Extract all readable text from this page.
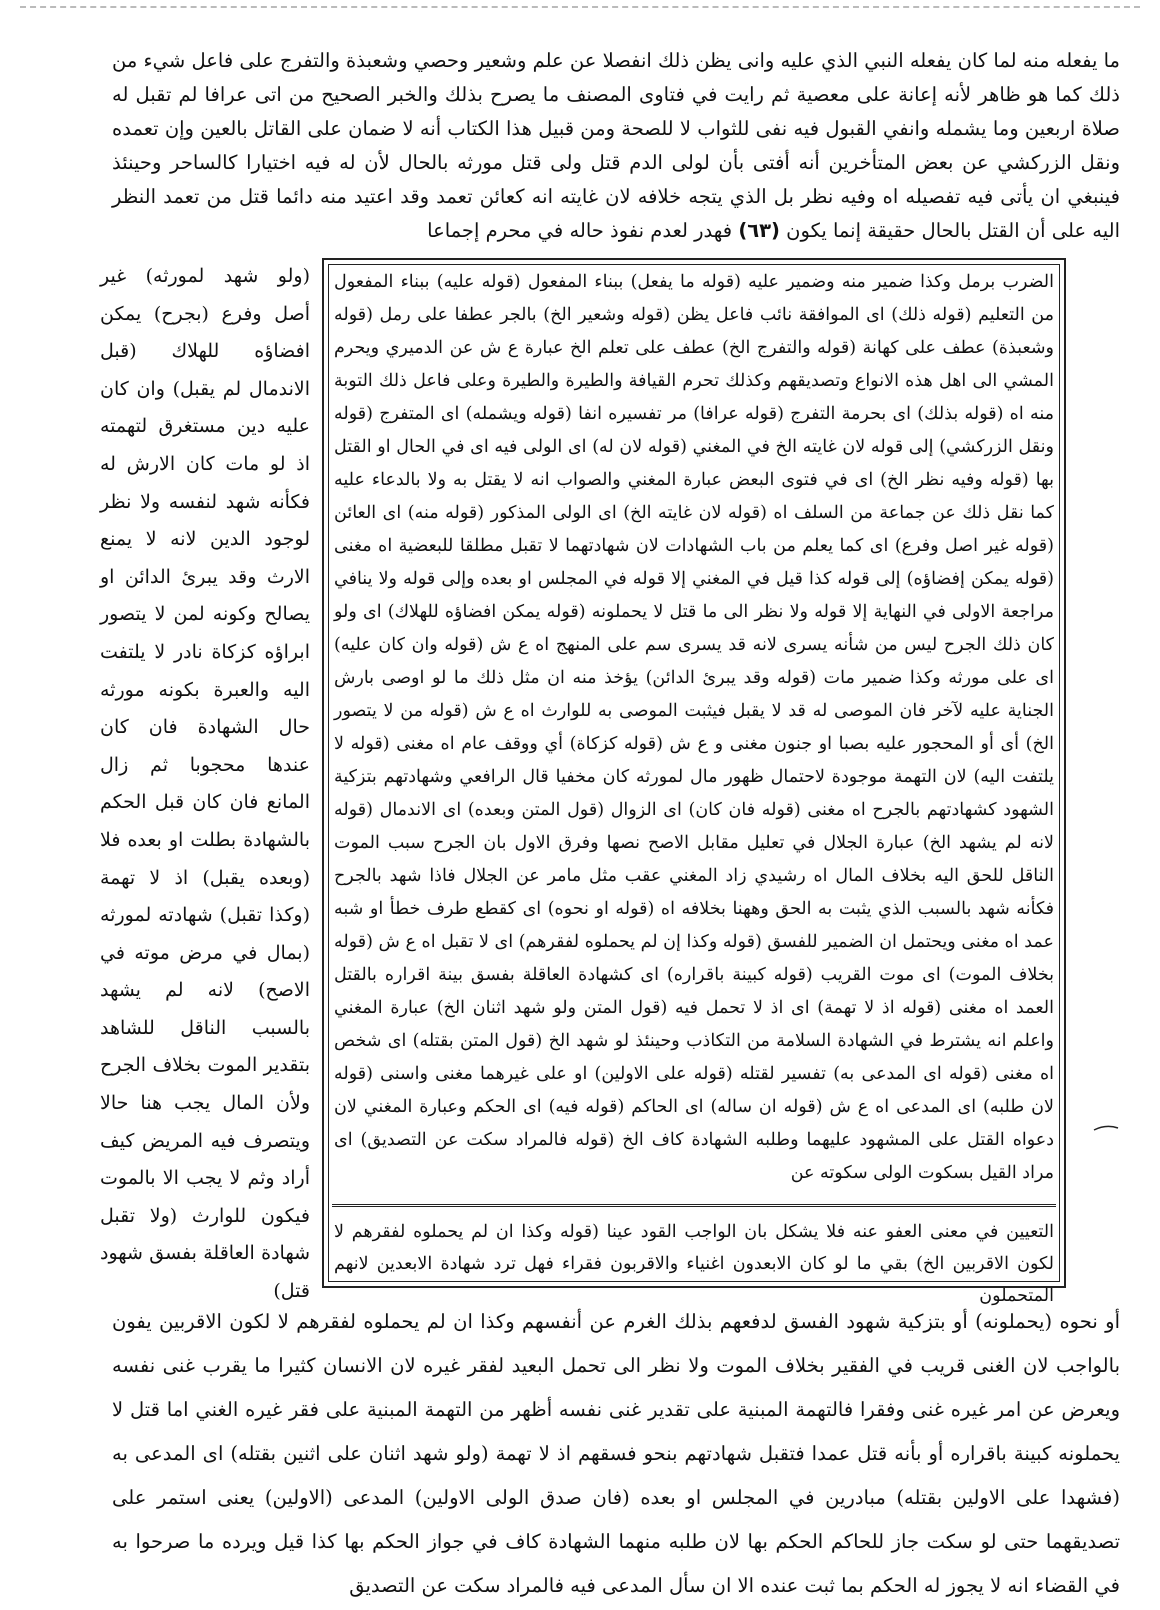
ما يفعله منه لما كان يفعله النبي الذي عليه وانى يظن ذلك انفصلا عن علم وشعير وحصي وشعبذة والتفرج على فاعل شيء من ذلك كما هو ظاهر لأنه إعانة على معصية ثم رايت في فتاوى المصنف ما يصرح بذلك والخبر الصحيح من اتى عرافا لم تقبل له صلاة اربعين وما يشمله وانفي القبول فيه نفى للثواب لا للصحة ومن قبيل هذا الكتاب أنه لا ضمان على القاتل بالعين وإن تعمده ونقل الزركشي عن بعض المتأخرين أنه أفتى بأن لولى الدم قتل ولى قتل مورثه بالحال لأن له فيه اختيارا كالساحر وحينئذ فينبغي ان يأتى فيه تفصيله اه وفيه نظر بل الذي يتجه خلافه لان غايته انه كعائن تعمد وقد اعتيد منه دائما قتل من تعمد النظر اليه على أن القتل بالحال حقيقة إنما يكون (٦٣) فهدر لعدم نفوذ حاله في محرم إجماعا

(ولو شهد لمورثه) غير أصل وفرع (بجرح) يمكن افضاؤه للهلاك (قبل الاندمال لم يقبل) وان كان عليه دين مستغرق لتهمته اذ لو مات كان الارش له فكأنه شهد لنفسه ولا نظر لوجود الدين لانه لا يمنع الارث وقد يبرئ الدائن او يصالح وكونه لمن لا يتصور ابراؤه كزكاة نادر لا يلتفت اليه والعبرة بكونه مورثه حال الشهادة فان كان عندها محجوبا ثم زال المانع فان كان قبل الحكم بالشهادة بطلت او بعده فلا (وبعده يقبل) اذ لا تهمة (وكذا تقبل) شهادته لمورثه (بمال في مرض موته في الاصح) لانه لم يشهد بالسبب الناقل للشاهد بتقدير الموت بخلاف الجرح ولأن المال يجب هنا حالا ويتصرف فيه المريض كيف أراد وثم لا يجب الا بالموت فيكون للوارث (ولا تقبل شهادة العاقلة بفسق شهود قتل)

الضرب برمل وكذا ضمير منه وضمير عليه (قوله ما يفعل) ببناء المفعول (قوله عليه) ببناء المفعول من التعليم (قوله ذلك) اى الموافقة نائب فاعل يظن (قوله وشعير الخ) بالجر عطفا على رمل (قوله وشعبذة) عطف على كهانة (قوله والتفرج الخ) عطف على تعلم الخ عبارة ع ش عن الدميري ويحرم المشي الى اهل هذه الانواع وتصديقهم وكذلك تحرم القيافة والطيرة والطيرة وعلى فاعل ذلك التوبة منه اه (قوله بذلك) اى بحرمة التفرج (قوله عرافا) مر تفسيره انفا (قوله ويشمله) اى المتفرج (قوله ونقل الزركشي) إلى قوله لان غايته الخ في المغني (قوله لان له) اى الولى فيه اى في الحال او القتل بها (قوله وفيه نظر الخ) اى في فتوى البعض عبارة المغني والصواب انه لا يقتل به ولا بالدعاء عليه كما نقل ذلك عن جماعة من السلف اه (قوله لان غايته الخ) اى الولى المذكور (قوله منه) اى العائن (قوله غير اصل وفرع) اى كما يعلم من باب الشهادات لان شهادتهما لا تقبل مطلقا للبعضية اه مغنى (قوله يمكن إفضاؤه) إلى قوله كذا قيل في المغني إلا قوله في المجلس او بعده وإلى قوله ولا ينافي مراجعة الاولى في النهاية إلا قوله ولا نظر الى ما قتل لا يحملونه (قوله يمكن افضاؤه للهلاك) اى ولو كان ذلك الجرح ليس من شأنه يسرى لانه قد يسرى سم على المنهج اه ع ش (قوله وان كان عليه) اى على مورثه وكذا ضمير مات (قوله وقد يبرئ الدائن) يؤخذ منه ان مثل ذلك ما لو اوصى بارش الجناية عليه لآخر فان الموصى له قد لا يقبل فيثبت الموصى به للوارث اه ع ش (قوله من لا يتصور الخ) أى أو المحجور عليه بصبا او جنون مغنى و ع ش (قوله كزكاة) أي ووقف عام اه مغنى (قوله لا يلتفت اليه) لان التهمة موجودة لاحتمال ظهور مال لمورثه كان مخفيا قال الرافعي وشهادتهم بتزكية الشهود كشهادتهم بالجرح اه مغنى (قوله فان كان) اى الزوال (قول المتن وبعده) اى الاندمال (قوله لانه لم يشهد الخ) عبارة الجلال في تعليل مقابل الاصح نصها وفرق الاول بان الجرح سبب الموت الناقل للحق اليه بخلاف المال اه رشيدي زاد المغني عقب مثل مامر عن الجلال فاذا شهد بالجرح فكأنه شهد بالسبب الذي يثبت به الحق وههنا بخلافه اه (قوله او نحوه) اى كقطع طرف خطأ او شبه عمد اه مغنى ويحتمل ان الضمير للفسق (قوله وكذا إن لم يحملوه لفقرهم) اى لا تقبل اه ع ش (قوله بخلاف الموت) اى موت القريب (قوله كبينة باقراره) اى كشهادة العاقلة بفسق بينة اقراره بالقتل العمد اه مغنى (قوله اذ لا تهمة) اى اذ لا تحمل فيه (قول المتن ولو شهد اثنان الخ) عبارة المغني واعلم انه يشترط في الشهادة السلامة من التكاذب وحينئذ لو شهد الخ (قول المتن بقتله) اى شخص اه مغنى (قوله اى المدعى به) تفسير لقتله (قوله على الاولين) او على غيرهما مغنى واسنى (قوله لان طلبه) اى المدعى اه ع ش (قوله ان ساله) اى الحاكم (قوله فيه) اى الحكم وعبارة المغني لان دعواه القتل على المشهود عليهما وطلبه الشهادة كاف الخ (قوله فالمراد سكت عن التصديق) اى مراد القيل بسكوت الولى سكوته عن

التعيين في معنى العفو عنه فلا يشكل بان الواجب القود عينا (قوله وكذا ان لم يحملوه لفقرهم لا لكون الاقربين الخ) بقي ما لو كان الابعدون اغنياء والاقربون فقراء فهل ترد شهادة الابعدين لانهم المتحملون

أو نحوه (يحملونه) أو بتزكية شهود الفسق لدفعهم بذلك الغرم عن أنفسهم وكذا ان لم يحملوه لفقرهم لا لكون الاقربين يفون بالواجب لان الغنى قريب في الفقير بخلاف الموت ولا نظر الى تحمل البعيد لفقر غيره لان الانسان كثيرا ما يقرب غنى نفسه ويعرض عن امر غيره غنى وفقرا فالتهمة المبنية على تقدير غنى نفسه أظهر من التهمة المبنية على فقر غيره الغني اما قتل لا يحملونه كبينة باقراره أو بأنه قتل عمدا فتقبل شهادتهم بنحو فسقهم اذ لا تهمة (ولو شهد اثنان على اثنين بقتله) اى المدعى به (فشهدا على الاولين بقتله) مبادرين في المجلس او بعده (فان صدق الولى الاولين) المدعى (الاولين) يعنى استمر على تصديقهما حتى لو سكت جاز للحاكم الحكم بها لان طلبه منهما الشهادة كاف في جواز الحكم بها كذا قيل ويرده ما صرحوا به في القضاء انه لا يجوز له الحكم بما ثبت عنده الا ان سأل المدعى فيه فالمراد سكت عن التصديق
